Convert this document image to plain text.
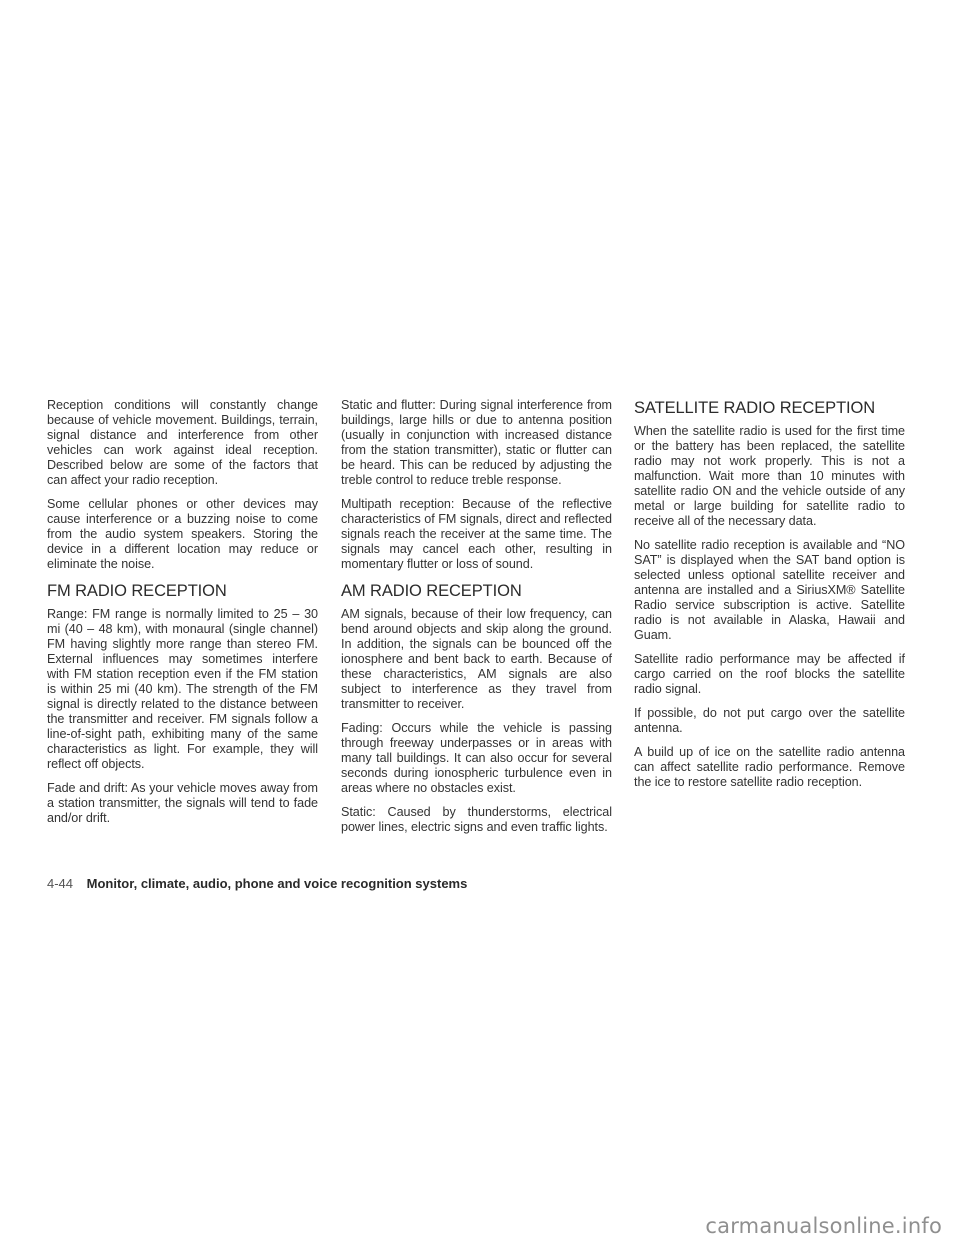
Reception conditions will constantly change because of vehicle movement. Buildings, terrain, signal distance and interference from other vehicles can work against ideal reception. Described below are some of the factors that can affect your radio reception.

Some cellular phones or other devices may cause interference or a buzzing noise to come from the audio system speakers. Storing the device in a different location may reduce or eliminate the noise.

FM RADIO RECEPTION

Range: FM range is normally limited to 25 – 30 mi (40 – 48 km), with monaural (single channel) FM having slightly more range than stereo FM. External influences may sometimes interfere with FM station reception even if the FM station is within 25 mi (40 km). The strength of the FM signal is directly related to the distance between the transmitter and receiver. FM signals follow a line-of-sight path, exhibiting many of the same characteristics as light. For example, they will reflect off objects.

Fade and drift: As your vehicle moves away from a station transmitter, the signals will tend to fade and/or drift.

Static and flutter: During signal interference from buildings, large hills or due to antenna position (usually in conjunction with increased distance from the station transmitter), static or flutter can be heard. This can be reduced by adjusting the treble control to reduce treble response.

Multipath reception: Because of the reflective characteristics of FM signals, direct and reflected signals reach the receiver at the same time. The signals may cancel each other, resulting in momentary flutter or loss of sound.

AM RADIO RECEPTION

AM signals, because of their low frequency, can bend around objects and skip along the ground. In addition, the signals can be bounced off the ionosphere and bent back to earth. Because of these characteristics, AM signals are also subject to interference as they travel from transmitter to receiver.

Fading: Occurs while the vehicle is passing through freeway underpasses or in areas with many tall buildings. It can also occur for several seconds during ionospheric turbulence even in areas where no obstacles exist.

Static: Caused by thunderstorms, electrical power lines, electric signs and even traffic lights.

SATELLITE RADIO RECEPTION

When the satellite radio is used for the first time or the battery has been replaced, the satellite radio may not work properly. This is not a malfunction. Wait more than 10 minutes with satellite radio ON and the vehicle outside of any metal or large building for satellite radio to receive all of the necessary data.

No satellite radio reception is available and “NO SAT” is displayed when the SAT band option is selected unless optional satellite receiver and antenna are installed and a SiriusXM® Satellite Radio service subscription is active. Satellite radio is not available in Alaska, Hawaii and Guam.

Satellite radio performance may be affected if cargo carried on the roof blocks the satellite radio signal.

If possible, do not put cargo over the satellite antenna.

A build up of ice on the satellite radio antenna can affect satellite radio performance. Remove the ice to restore satellite radio reception.

4-44 Monitor, climate, audio, phone and voice recognition systems
carmanualsonline.info
